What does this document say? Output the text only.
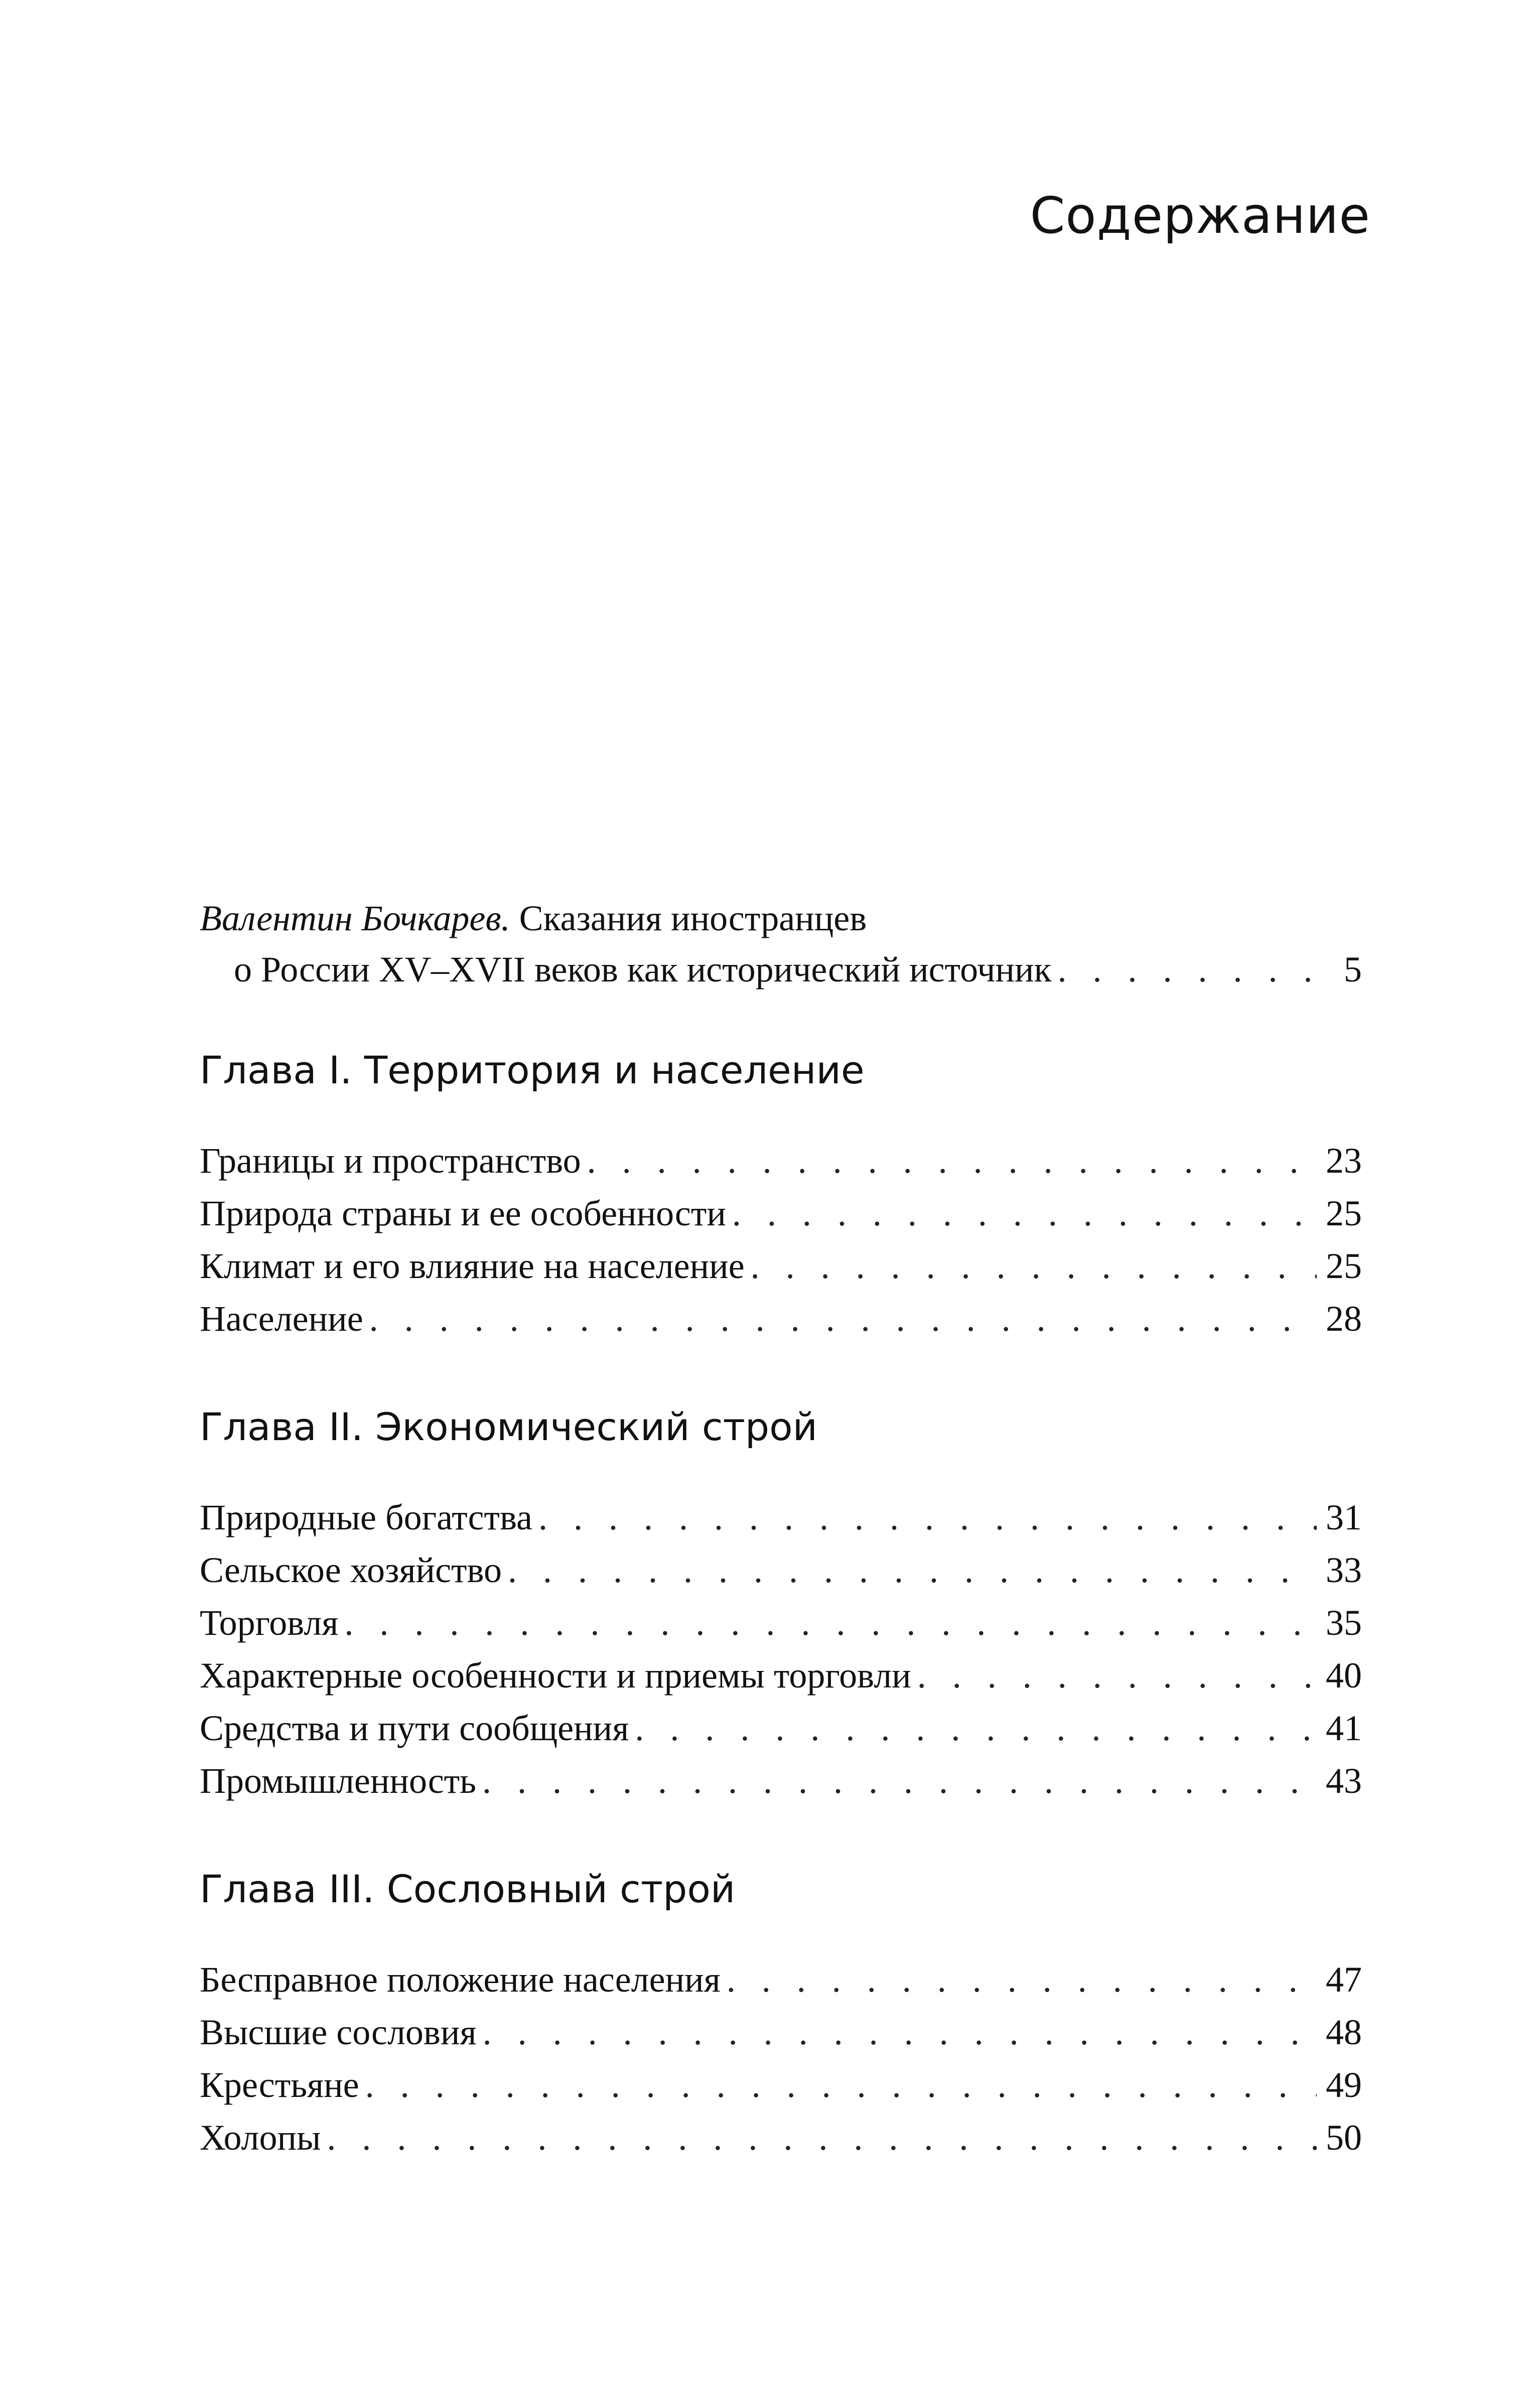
Содержание
Валентин Бочкарев. Сказания иностранцев
о России XV–XVII веков как исторический источник . . .	5
Глава I. Территория и население
Границы и пространство . . .	23
Природа страны и ее особенности . . .	25
Климат и его влияние на население . . .	25
Население . . .	28
Глава II. Экономический строй
Природные богатства . . .	31
Сельское хозяйство . . .	33
Торговля . . .	35
Характерные особенности и приемы торговли . . .	40
Средства и пути сообщения . . .	41
Промышленность . . .	43
Глава III. Сословный строй
Бесправное положение населения . . .	47
Высшие сословия . . .	48
Крестьяне . . .	49
Холопы . . .	50
